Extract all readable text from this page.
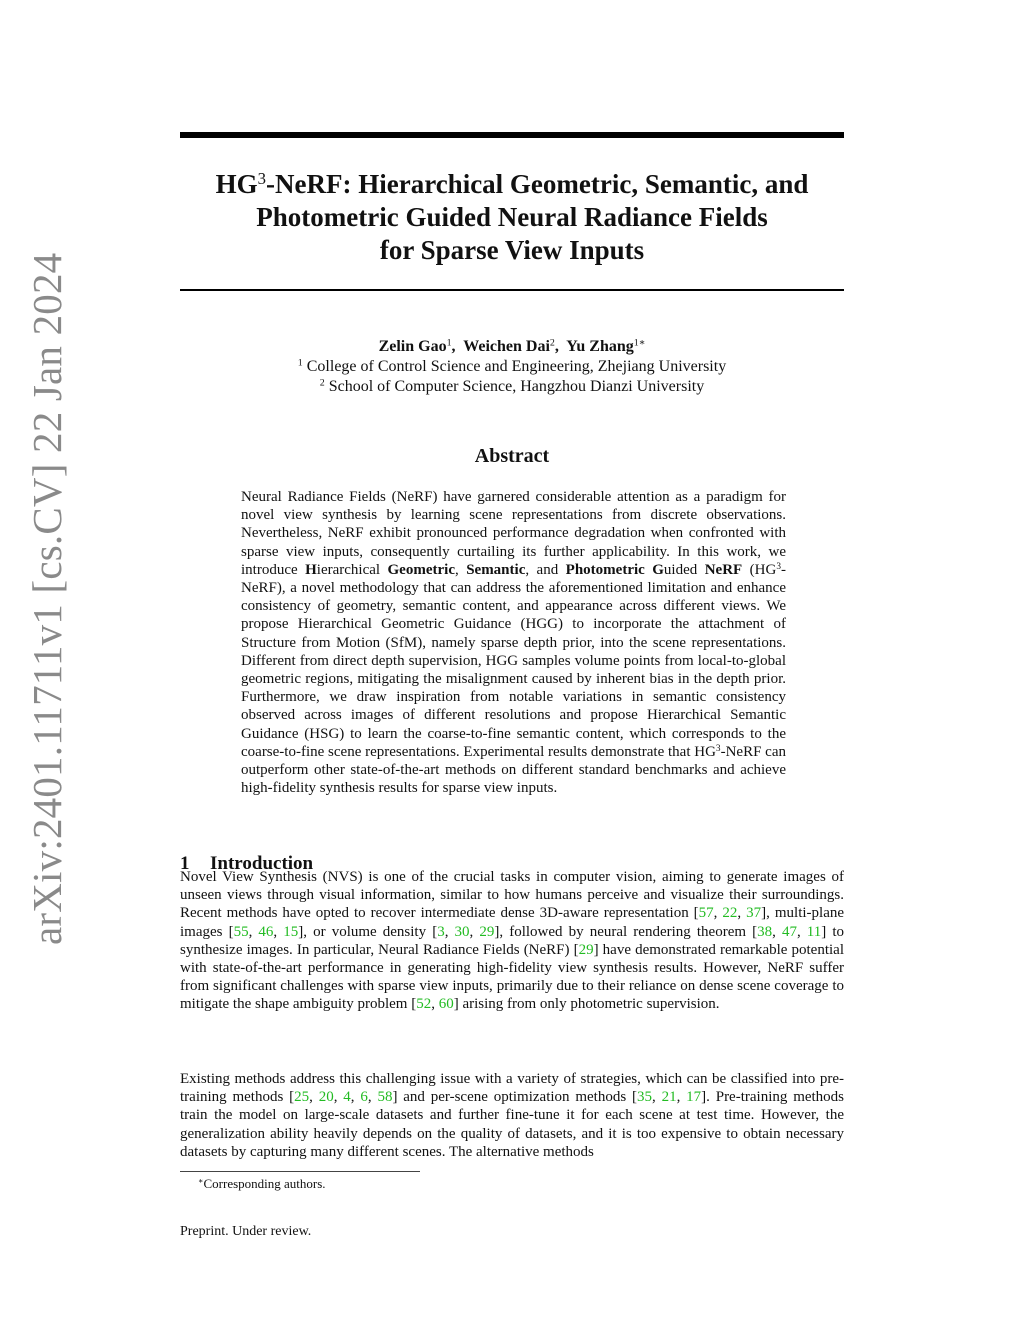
arXiv:2401.11711v1 [cs.CV] 22 Jan 2024
$HG^3$-NeRF: Hierarchical Geometric, Semantic, and
Photometric Guided Neural Radiance Fields
for Sparse View Inputs
Zelin Gao$^1$, Weichen Dai$^2$, Yu Zhang$^{1∗}$
$^1$ College of Control Science and Engineering, Zhejiang University
$^2$ School of Computer Science, Hangzhou Dianzi University
Abstract
Neural Radiance Fields (NeRF) have garnered considerable attention as a paradigm for novel view synthesis by learning scene representations from discrete observations. Nevertheless, NeRF exhibit pronounced performance degradation when confronted with sparse view inputs, consequently curtailing its further applicability. In this work, we introduce Hierarchical Geometric, Semantic, and Photometric Guided NeRF $(HG^3-NeRF)$, a novel methodology that can address the aforementioned limitation and enhance consistency of geometry, semantic content, and appearance across different views. We propose Hierarchical Geometric Guidance (HGG) to incorporate the attachment of Structure from Motion (SfM), namely sparse depth prior, into the scene representations. Different from direct depth supervision, HGG samples volume points from local-to-global geometric regions, mitigating the misalignment caused by inherent bias in the depth prior. Furthermore, we draw inspiration from notable variations in semantic consistency observed across images of different resolutions and propose Hierarchical Semantic Guidance (HSG) to learn the coarse-to-fine semantic content, which corresponds to the coarse-to-fine scene representations. Experimental results demonstrate that $HG^3$-NeRF can outperform other state-of-the-art methods on different standard benchmarks and achieve high-fidelity synthesis results for sparse view inputs.
1 Introduction

Novel View Synthesis (NVS) is one of the crucial tasks in computer vision, aiming to generate images of unseen views through visual information, similar to how humans perceive and visualize their surroundings. Recent methods have opted to recover intermediate dense 3D-aware representation [57, 22, 37], multi-plane images [55, 46, 15], or volume density [3, 30, 29], followed by neural rendering theorem [38, 47, 11] to synthesize images. In particular, Neural Radiance Fields (NeRF) [29] have demonstrated remarkable potential with state-of-the-art performance in generating high-fidelity view synthesis results. However, NeRF suffer from significant challenges with sparse view inputs, primarily due to their reliance on dense scene coverage to mitigate the shape ambiguity problem [52, 60] arising from only photometric supervision.

Existing methods address this challenging issue with a variety of strategies, which can be classified into pre-training methods [25, 20, 4, 6, 58] and per-scene optimization methods [35, 21, 17]. Pre-training methods train the model on large-scale datasets and further fine-tune it for each scene at test time. However, the generalization ability heavily depends on the quality of datasets, and it is too expensive to obtain necessary datasets by capturing many different scenes. The alternative methods

∗Corresponding authors.
Preprint. Under review.
